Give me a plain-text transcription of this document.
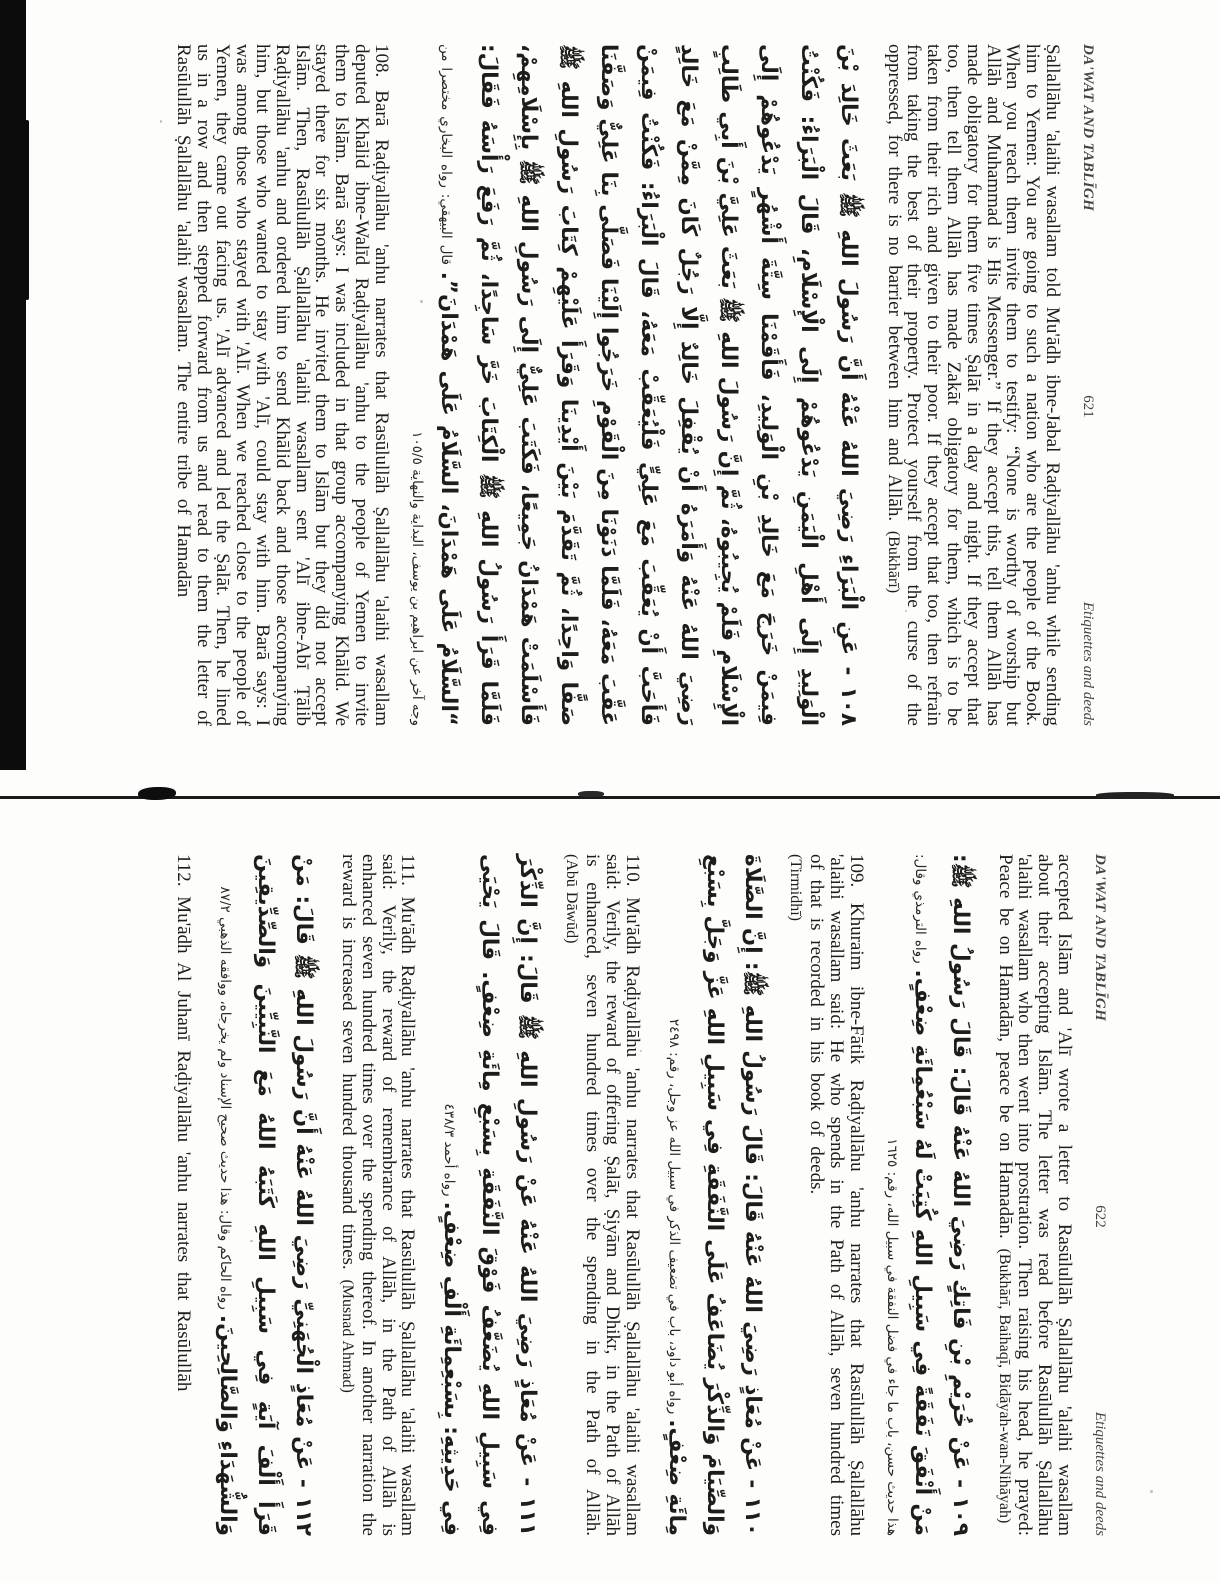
DA'WAT AND TABLĪGH
621
Etiquettes and deeds

Ṣallallāhu 'alaihi wasallam told Mu'ādh ibne-Jabal Raḍiyallāhu 'anhu while sending him to Yemen: You are going to such a nation who are the people of the Book. When you reach them invite them to testify: “None is worthy of worship but Allāh and Muhammad is His Messenger.” If they accept this, tell them Allāh has made obligatory for them five times Ṣalāt in a day and night. If they accept that too, then tell them Allāh has made Zakāt obligatory for them, which is to be taken from their rich and given to their poor. If they accept that too, then refrain from taking the best of their property. Protect yourself from the curse of the oppressed, for there is no barrier between him and Allāh. (Bukhārī)

١٠٨ - عَنِ الْبَرَاءِ رَضِيَ اللهُ عَنْهُ أَنَّ رَسُولَ اللهِ ﷺ بَعَثَ خَالِدَ بْنَ الْوَلِيدِ إِلَى أَهْلِ الْيَمَنِ يَدْعُوهُمْ إِلَى الْإِسْلَامِ، قَالَ الْبَرَاءُ: فَكُنْتُ فِيمَنْ خَرَجَ مَعَ خَالِدِ بْنِ الْوَلِيدِ، فَأَقَمْنَا سِتَّةَ أَشْهُرٍ يَدْعُوهُمْ إِلَى الْإِسْلَامِ فَلَمْ يُجِيبُوهُ، ثُمَّ إِنَّ رَسُولَ اللهِ ﷺ بَعَثَ عَلِيَّ بْنَ أَبِي طَالِبٍ رَضِيَ اللهُ عَنْهُ وَأَمَرَهُ أَنْ يُقْفِلَ خَالِدٌ إِلَّا رَجُلٌ كَانَ مِمَّنْ مَعَ خَالِدٍ فَأَحَبَّ أَنْ يُعَقِّبَ مَعَ عَلِيٍّ فَلْيُعَقِّبْ مَعَهُ، قَالَ الْبَرَاءُ: فَكُنْتُ فِيمَنْ عَقَّبَ مَعَهُ، فَلَمَّا دَنَوْنَا مِنَ الْقَوْمِ خَرَجُوا إِلَيْنَا فَصَلَّى بِنَا عَلِيٌّ وَصَفَّنَا صَفًّا وَاحِدًا، ثُمَّ تَقَدَّمَ بَيْنَ أَيْدِينَا وَقَرَأَ عَلَيْهِمْ كِتَابَ رَسُولِ اللهِ ﷺ فَأَسْلَمَتْ هَمْدَانُ جَمِيعًا، فَكَتَبَ عَلِيٌّ إِلَى رَسُولِ اللهِ ﷺ بِإِسْلَامِهِمْ، فَلَمَّا قَرَأَ رَسُولُ اللهِ ﷺ الْكِتَابَ خَرَّ سَاجِدًا، ثُمَّ رَفَعَ رَأْسَهُ فَقَالَ: “السَّلَامُ عَلَى هَمْدَانَ، السَّلَامُ عَلَى هَمْدَانَ”. قال البيهقي: رواه البخاري مختصرا من وجه آخر عن ابراهيم بن يوسف، البداية والنهاية ١٠٥/٥

108. Barā Raḍiyallāhu 'anhu narrates that Rasūlullāh Ṣallallāhu 'alaihi wasallam deputed Khālid ibne-Walīd Raḍiyallāhu 'anhu to the people of Yemen to invite them to Islām. Barā says: I was included in that group accompanying Khālid. We stayed there for six months. He invited them to Islām but they did not accept Islām. Then, Rasūlullāh Ṣallallāhu 'alaihi wasallam sent 'Alī ibne-Abī Ṭālib Raḍiyallāhu 'anhu and ordered him to send Khālid back and those accompanying him, but those who wanted to stay with 'Alī, could stay with him. Barā says: I was among those who stayed with 'Alī. When we reached close to the people of Yemen, they came out facing us. 'Alī advanced and led the Ṣalāt. Then, he lined us in a row and then stepped forward from us and read to them the letter of Rasūlullāh Ṣallallāhu 'alaihi wasallam. The entire tribe of Hamadān

DA'WAT AND TABLĪGH
622
Etiquettes and deeds

accepted Islām and 'Alī wrote a letter to Rasūlullāh Ṣallallāhu 'alaihi wasallam about their accepting Islām. The letter was read before Rasūlullāh Ṣallallāhu 'alaihi wasallam who then went into prostration. Then raising his head, he prayed: Peace be on Hamadān, peace be on Hamadān. (Bukhārī, Baihaqī, Bidāyah-wan-Nihāyah)

١٠٩ - عَنْ خُرَيْمِ بْنِ فَاتِكٍ رَضِيَ اللهُ عَنْهُ قَالَ: قَالَ رَسُولُ اللهِ ﷺ: مَنْ أَنْفَقَ نَفَقَةً فِي سَبِيلِ اللهِ كُتِبَتْ لَهُ سَبْعُمِائَةِ ضِعْفٍ. رواه الترمذي وقال: هذا حديث حسن، باب ما جاء في فضل النفقة في سبيل الله، رقم: ١٦٢٥

109. Khuraim ibne-Fātik Raḍiyallāhu 'anhu narrates that Rasūlullāh Ṣallallāhu 'alaihi wasallam said: He who spends in the Path of Allāh, seven hundred times of that is recorded in his book of deeds.
(Tirmidhī)

١١٠ - عَنْ مُعَاذٍ رَضِيَ اللهُ عَنْهُ قَالَ: قَالَ رَسُولُ اللهِ ﷺ: إِنَّ الصَّلَاةَ وَالصِّيَامَ وَالذِّكْرَ يُضَاعَفُ عَلَى النَّفَقَةِ فِي سَبِيلِ اللهِ عَزَّ وَجَلَّ بِسَبْعِ مِائَةِ ضِعْفٍ. رواه أبو داود، باب في تضعيف الذكر في سبيل الله عز وجل، رقم: ٢٤٩٨

110. Mu'ādh Raḍiyallāhu 'anhu narrates that Rasūlullāh Ṣallallāhu 'alaihi wasallam said: Verily, the reward of offering Ṣalāt, Ṣiyām and Dhikr, in the Path of Allāh is enhanced, seven hundred times over the spending in the Path of Allāh. (Abū Dāwūd)

١١١ - عَنْ مُعَاذٍ رَضِيَ اللهُ عَنْهُ عَنْ رَسُولِ اللهِ ﷺ قَالَ: إِنَّ الذِّكْرَ فِي سَبِيلِ اللهِ يُضَعَّفُ فَوْقَ النَّفَقَةِ بِسَبْعِ مِائَةِ ضِعْفٍ. قَالَ يَحْيَى فِي حَدِيثِهِ: بِسَبْعِمِائَةِ أَلْفِ ضِعْفٍ. رواه أحمد ٤٣٨/٣

111. Mu'ādh Raḍiyallāhu 'anhu narrates that Rasūlullāh Ṣallallāhu 'alaihi wasallam said: Verily, the reward of remembrance of Allāh, in the Path of Allāh is enhanced seven hundred times over the spending thereof. In another narration the reward is increased seven hundred thousand times. (Musnad Ahmad)

١١٢ - عَنْ مُعَاذٍ الْجُهَنِيِّ رَضِيَ اللهُ عَنْهُ أَنَّ رَسُولَ اللهِ ﷺ قَالَ: مَنْ قَرَأَ أَلْفَ آيَةٍ فِي سَبِيلِ اللهِ كَتَبَهُ اللهُ مَعَ النَّبِيِّينَ وَالصِّدِّيقِينَ وَالشُّهَدَاءِ وَالصَّالِحِينَ. رواه الحاكم وقال: هذا حديث صحيح الإسناد ولم يخرجاه، ووافقه الذهبي ٨٧/٢

112. Mu'ādh Al Juhanī Raḍiyallāhu 'anhu narrates that Rasūlullāh
